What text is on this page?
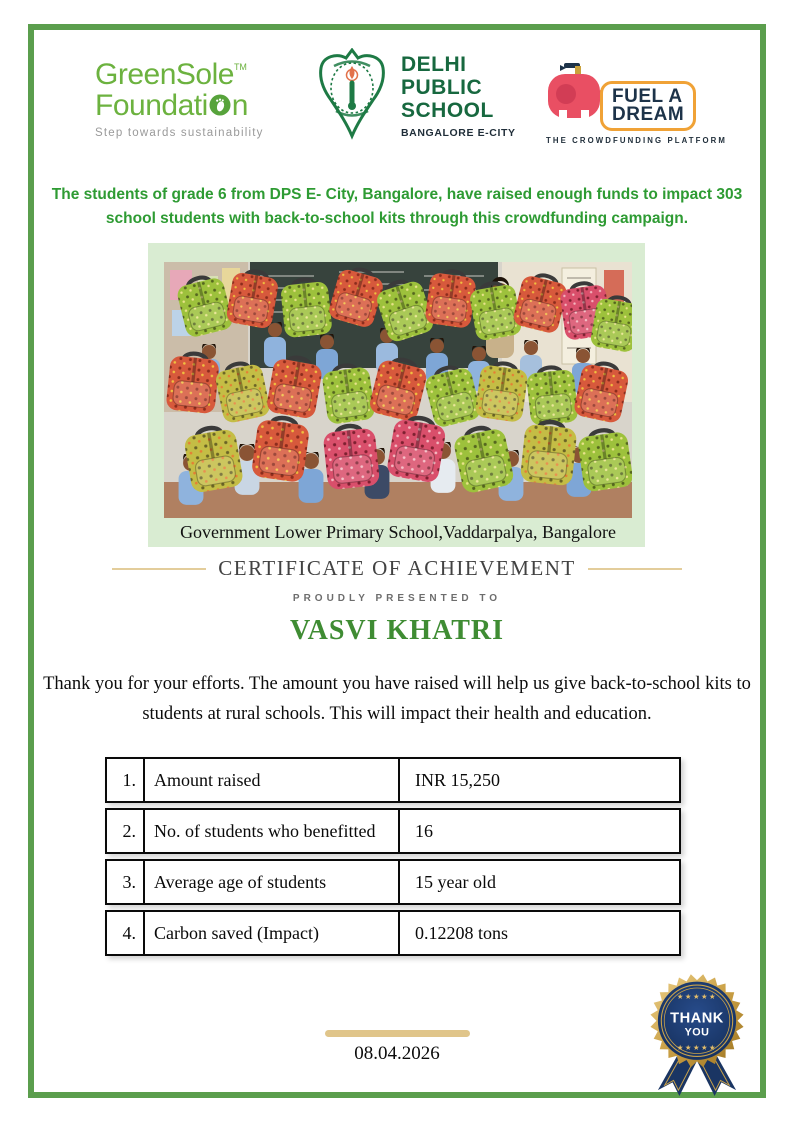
GreenSole™
Foundati n
Step towards sustainability
DELHI
PUBLIC
SCHOOL
BANGALORE E-CITY
FUEL A
DREAM
THE CROWDFUNDING PLATFORM
The students of grade 6 from DPS E- City, Bangalore, have raised enough funds to impact 303 school students with back-to-school kits through this crowdfunding campaign.
Government Lower Primary School,Vaddarpalya, Bangalore
CERTIFICATE OF ACHIEVEMENT
PROUDLY PRESENTED TO
VASVI KHATRI
Thank you for your efforts. The amount you have raised will help us give back-to-school kits to students at rural schools. This will impact their health and education.
1.	Amount raised	INR 15,250
2.	No. of students who benefitted	16
3.	Average age of students	15 year old
4.	Carbon saved (Impact)	0.12208 tons
08.04.2026
★★★★★
THANK
YOU
★★★★★
